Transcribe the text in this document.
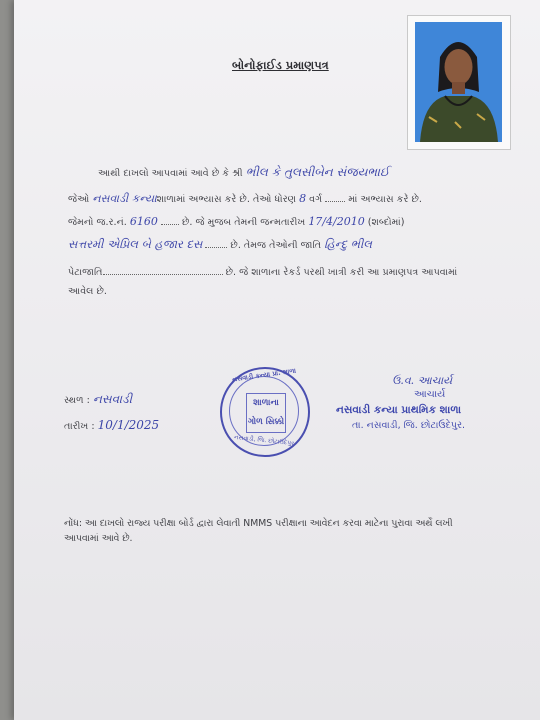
બોનોફાઈડ પ્રમાણપત્ર
આથી દાખલો આપવામાં આવે છે કે શ્રી ભીલ કે તુલસીબેન સંજયભાઈ
જેઓ નસવાડી કન્યાશાળામાં અભ્યાસ કરે છે. તેઓ ધોરણ 8 વર્ગ	માં અભ્યાસ કરે છે.
જેમનો જ.ર.નં. 6160	છે. જે મુજબ તેમની જન્મતારીખ 17/4/2010 (શબ્દોમાં)
સત્તરમી એપ્રિલ બે હજાર દસ	છે. તેમજ તેઓની જાતિ હિન્દુ ભીલ
પેટાજાતિ	છે. જે શાળાના રેકર્ડ પરથી ખાત્રી કરી આ પ્રમાણપત્ર આપવામાં
આવેલ છે.
સ્થળ : નસવાડી
તારીખ : 10/1/2025
નસવાડી કન્યા પ્રા. શાળા
શાળાના
ગોળ સિક્કો
નસવાડી, જિ. છોટાઉદેપુર
ઉ.વ. આચાર્ય
આચાર્ય
નસવાડી કન્યા પ્રાથમિક શાળા
તા. નસવાડી, જિ. છોટાઉદેપુર.
નોંધ: આ દાખલો રાજ્ય પરીક્ષા બોર્ડ દ્વારા લેવાતી NMMS પરીક્ષાના આવેદન કરવા માટેના પુરાવા અર્થે લખી
આપવામાં આવે છે.
